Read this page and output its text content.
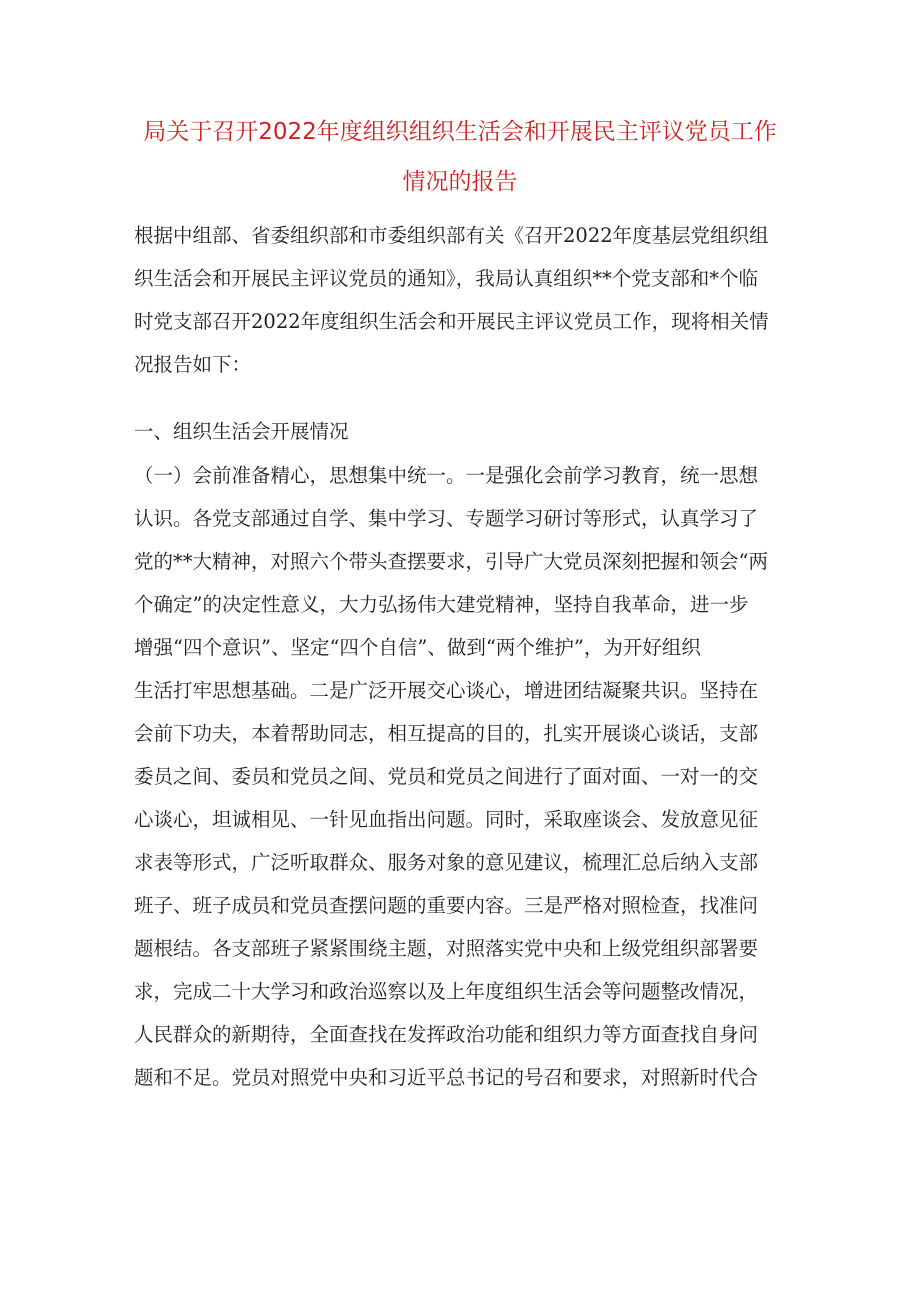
局关于召开2022年度组织组织生活会和开展民主评议党员工作
情况的报告
根据中组部、省委组织部和市委组织部有关《召开2022年度基层党组织组
织生活会和开展民主评议党员的通知》，我局认真组织**个党支部和*个临
时党支部召开2022年度组织生活会和开展民主评议党员工作，现将相关情
况报告如下：
一、组织生活会开展情况
（一）会前准备精心，思想集中统一。一是强化会前学习教育，统一思想
认识。各党支部通过自学、集中学习、专题学习研讨等形式，认真学习了
党的**大精神，对照六个带头查摆要求，引导广大党员深刻把握和领会“两
个确定”的决定性意义，大力弘扬伟大建党精神，坚持自我革命，进一步
增强“四个意识”、坚定“四个自信”、做到“两个维护”，为开好组织
生活打牢思想基础。二是广泛开展交心谈心，增进团结凝聚共识。坚持在
会前下功夫，本着帮助同志，相互提高的目的，扎实开展谈心谈话，支部
委员之间、委员和党员之间、党员和党员之间进行了面对面、一对一的交
心谈心，坦诚相见、一针见血指出问题。同时，采取座谈会、发放意见征
求表等形式，广泛听取群众、服务对象的意见建议，梳理汇总后纳入支部
班子、班子成员和党员查摆问题的重要内容。三是严格对照检查，找准问
题根结。各支部班子紧紧围绕主题，对照落实党中央和上级党组织部署要
求，完成二十大学习和政治巡察以及上年度组织生活会等问题整改情况，
人民群众的新期待，全面查找在发挥政治功能和组织力等方面查找自身问
题和不足。党员对照党中央和习近平总书记的号召和要求，对照新时代合
